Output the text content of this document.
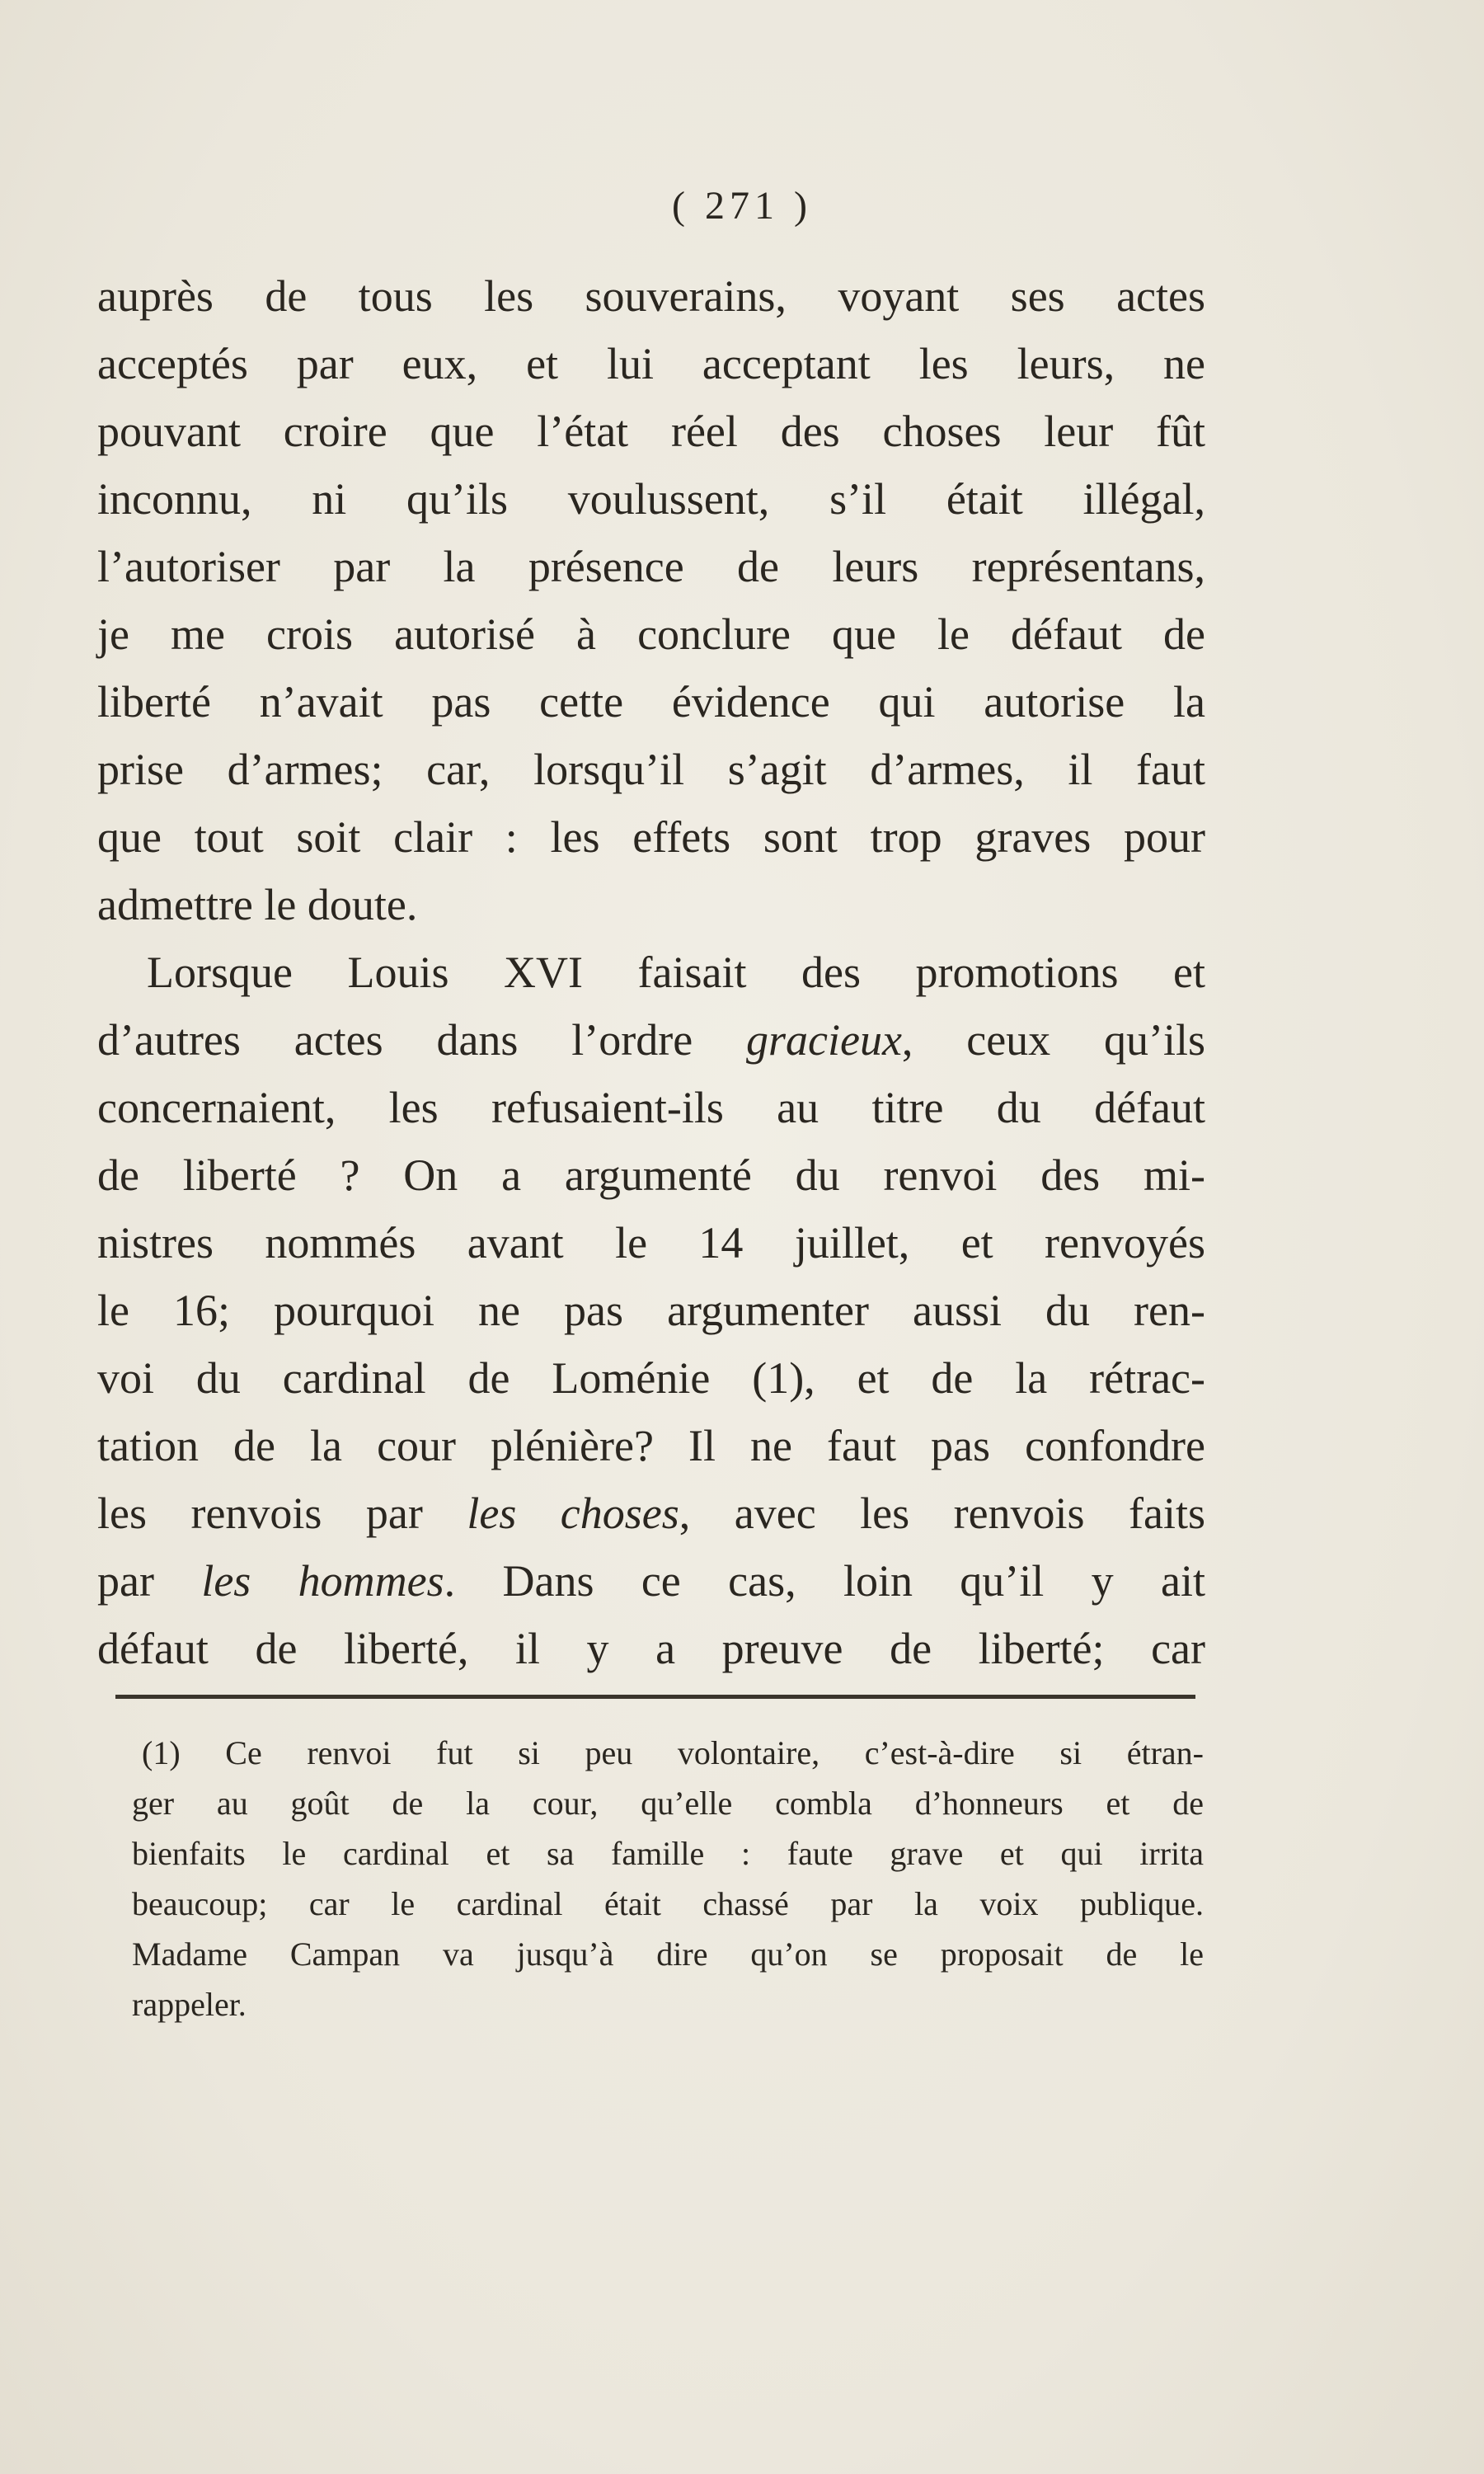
( 271 )
auprès de tous les souverains, voyant ses actes
acceptés par eux, et lui acceptant les leurs, ne
pouvant croire que l’état réel des choses leur fût
inconnu, ni qu’ils voulussent, s’il était illégal,
l’autoriser par la présence de leurs représentans,
je me crois autorisé à conclure que le défaut de
liberté n’avait pas cette évidence qui autorise la
prise d’armes; car, lorsqu’il s’agit d’armes, il faut
que tout soit clair : les effets sont trop graves pour
admettre le doute.
Lorsque Louis XVI faisait des promotions et
d’autres actes dans l’ordre gracieux, ceux qu’ils
concernaient, les refusaient-ils au titre du défaut
de liberté ? On a argumenté du renvoi des mi-
nistres nommés avant le 14 juillet, et renvoyés
le 16; pourquoi ne pas argumenter aussi du ren-
voi du cardinal de Loménie (1), et de la rétrac-
tation de la cour plénière? Il ne faut pas confondre
les renvois par les choses, avec les renvois faits
par les hommes. Dans ce cas, loin qu’il y ait
défaut de liberté, il y a preuve de liberté; car
(1) Ce renvoi fut si peu volontaire, c’est-à-dire si étran-
ger au goût de la cour, qu’elle combla d’honneurs et de
bienfaits le cardinal et sa famille : faute grave et qui irrita
beaucoup; car le cardinal était chassé par la voix publique.
Madame Campan va jusqu’à dire qu’on se proposait de le
rappeler.
